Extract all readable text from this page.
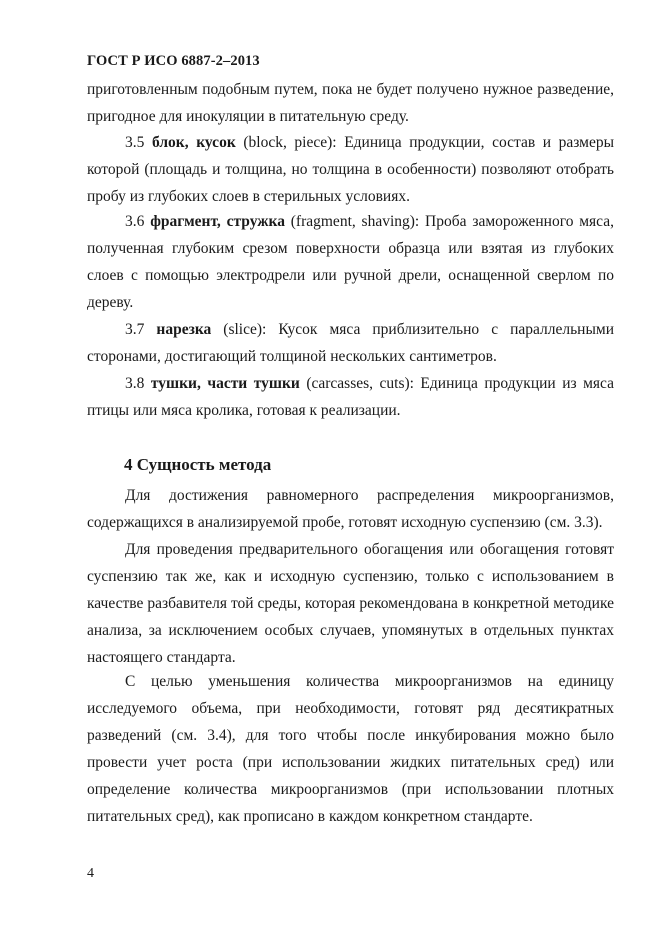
ГОСТ Р ИСО 6887-2–2013

приготовленным подобным путем, пока не будет получено нужное разведение, пригодное для инокуляции в питательную среду.

3.5 блок, кусок (block, piece): Единица продукции, состав и размеры которой (площадь и толщина, но толщина в особенности) позволяют отобрать пробу из глубоких слоев в стерильных условиях.

3.6 фрагмент, стружка (fragment, shaving): Проба замороженного мяса, полученная глубоким срезом поверхности образца или взятая из глубоких слоев с помощью электродрели или ручной дрели, оснащенной сверлом по дереву.

3.7 нарезка (slice): Кусок мяса приблизительно с параллельными сторонами, достигающий толщиной нескольких сантиметров.

3.8 тушки, части тушки (carcasses, cuts): Единица продукции из мяса птицы или мяса кролика, готовая к реализации.

4 Сущность метода

Для достижения равномерного распределения микроорганизмов, содержащихся в анализируемой пробе, готовят исходную суспензию (см. 3.3).

Для проведения предварительного обогащения или обогащения готовят суспензию так же, как и исходную суспензию, только с использованием в качестве разбавителя той среды, которая рекомендована в конкретной методике анализа, за исключением особых случаев, упомянутых в отдельных пунктах настоящего стандарта.

С целью уменьшения количества микроорганизмов на единицу исследуемого объема, при необходимости, готовят ряд десятикратных разведений (см. 3.4), для того чтобы после инкубирования можно было провести учет роста (при использовании жидких питательных сред) или определение количества микроорганизмов (при использовании плотных питательных сред), как прописано в каждом конкретном стандарте.

4
